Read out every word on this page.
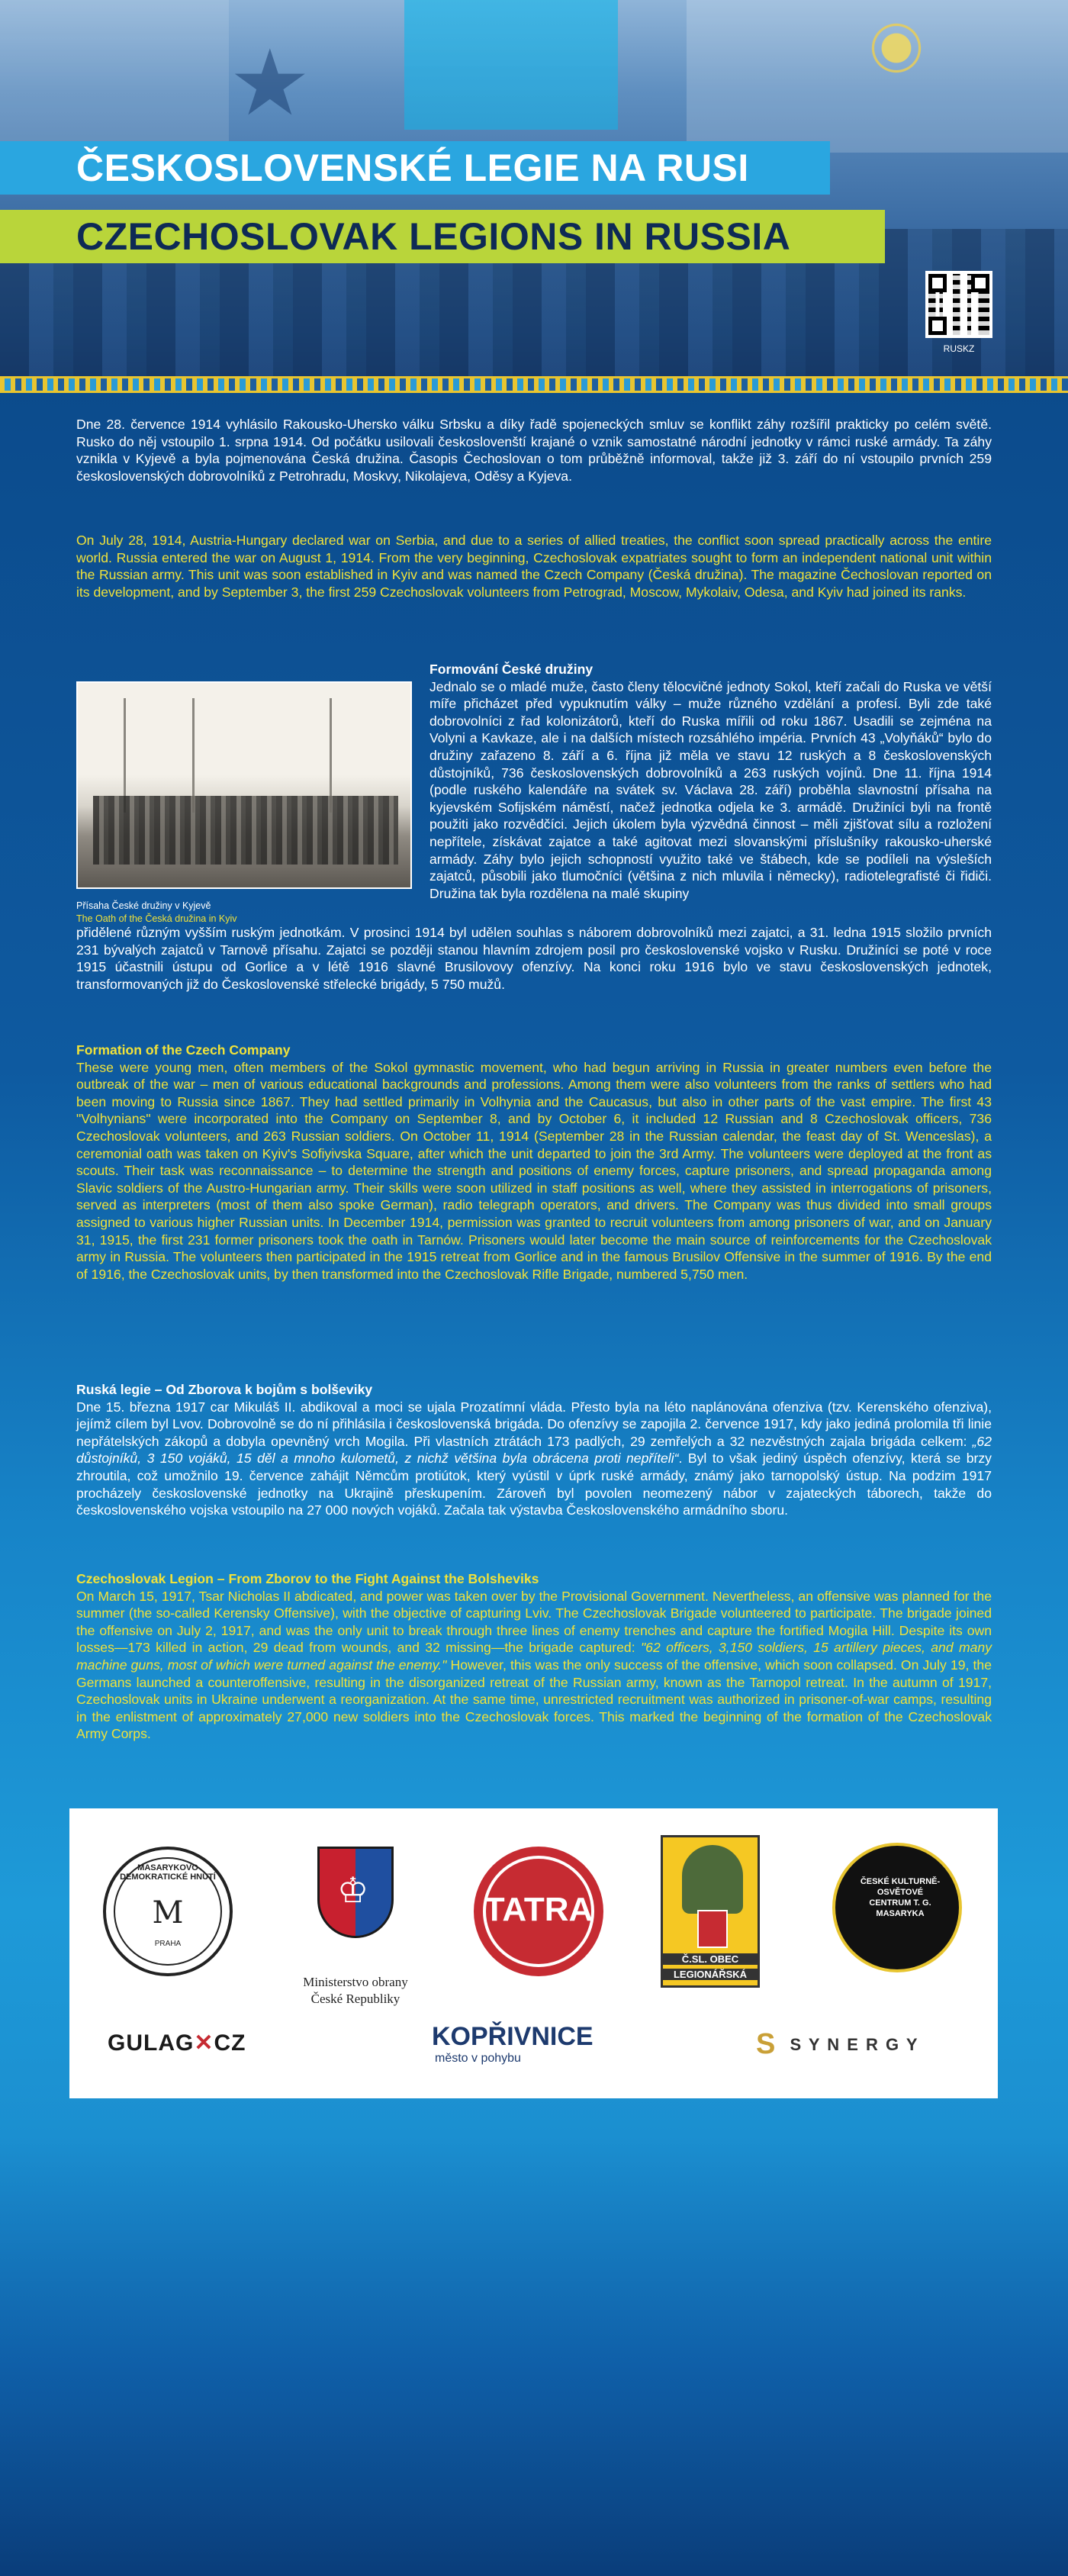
★
ČESKOSLOVENSKÉ LEGIE NA RUSI
CZECHOSLOVAK LEGIONS IN RUSSIA
RUSKZ
Dne 28. července 1914 vyhlásilo Rakousko-Uhersko válku Srbsku a díky řadě spojeneckých smluv se konflikt záhy rozšířil prakticky po celém světě. Rusko do něj vstoupilo 1. srpna 1914. Od počátku usilovali českoslovenští krajané o vznik samostatné národní jednotky v rámci ruské armády. Ta záhy vznikla v Kyjevě a byla pojmenována Česká družina. Časopis Čechoslovan o tom průběžně informoval, takže již 3. září do ní vstoupilo prvních 259 československých dobrovolníků z Petrohradu, Moskvy, Nikolajeva, Oděsy a Kyjeva.
On July 28, 1914, Austria-Hungary declared war on Serbia, and due to a series of allied treaties, the conflict soon spread practically across the entire world. Russia entered the war on August 1, 1914. From the very beginning, Czechoslovak expatriates sought to form an independent national unit within the Russian army. This unit was soon established in Kyiv and was named the Czech Company (Česká družina). The magazine Čechoslovan reported on its development, and by September 3, the first 259 Czechoslovak volunteers from Petrograd, Moscow, Mykolaiv, Odesa, and Kyiv had joined its ranks.
Přísaha České družiny v Kyjevě
The Oath of the Česká družina in Kyiv
Formování České družiny
Jednalo se o mladé muže, často členy tělocvičné jednoty Sokol, kteří začali do Ruska ve větší míře přicházet před vypuknutím války – muže různého vzdělání a profesí. Byli zde také dobrovolníci z řad kolonizátorů, kteří do Ruska mířili od roku 1867. Usadili se zejména na Volyni a Kavkaze, ale i na dalších místech rozsáhlého impéria. Prvních 43 „Volyňáků“ bylo do družiny zařazeno 8. září a 6. října již měla ve stavu 12 ruských a 8 československých důstojníků, 736 československých dobrovolníků a 263 ruských vojínů. Dne 11. října 1914 (podle ruského kalendáře na svátek sv. Václava 28. září) proběhla slavnostní přísaha na kyjevském Sofijském náměstí, načež jednotka odjela ke 3. armádě. Družiníci byli na frontě použiti jako rozvědčíci. Jejich úkolem byla výzvědná činnost – měli zjišťovat sílu a rozložení nepřítele, získávat zajatce a také agitovat mezi slovanskými příslušníky rakousko-uherské armády. Záhy bylo jejich schopností využito také ve štábech, kde se podíleli na výsleších zajatců, působili jako tlumočníci (většina z nich mluvila i německy), radiotelegrafisté či řidiči. Družina tak byla rozdělena na malé skupiny
přidělené různým vyšším ruským jednotkám. V prosinci 1914 byl udělen souhlas s náborem dobrovolníků mezi zajatci, a 31. ledna 1915 složilo prvních 231 bývalých zajatců v Tarnově přísahu. Zajatci se později stanou hlavním zdrojem posil pro československé vojsko v Rusku. Družiníci se poté v roce 1915 účastnili ústupu od Gorlice a v létě 1916 slavné Brusilovovy ofenzívy. Na konci roku 1916 bylo ve stavu československých jednotek, transformovaných již do Československé střelecké brigády, 5 750 mužů.
Formation of the Czech Company
These were young men, often members of the Sokol gymnastic movement, who had begun arriving in Russia in greater numbers even before the outbreak of the war – men of various educational backgrounds and professions. Among them were also volunteers from the ranks of settlers who had been moving to Russia since 1867. They had settled primarily in Volhynia and the Caucasus, but also in other parts of the vast empire. The first 43 "Volhynians" were incorporated into the Company on September 8, and by October 6, it included 12 Russian and 8 Czechoslovak officers, 736 Czechoslovak volunteers, and 263 Russian soldiers. On October 11, 1914 (September 28 in the Russian calendar, the feast day of St. Wenceslas), a ceremonial oath was taken on Kyiv's Sofiyivska Square, after which the unit departed to join the 3rd Army. The volunteers were deployed at the front as scouts. Their task was reconnaissance – to determine the strength and positions of enemy forces, capture prisoners, and spread propaganda among Slavic soldiers of the Austro-Hungarian army. Their skills were soon utilized in staff positions as well, where they assisted in interrogations of prisoners, served as interpreters (most of them also spoke German), radio telegraph operators, and drivers. The Company was thus divided into small groups assigned to various higher Russian units. In December 1914, permission was granted to recruit volunteers from among prisoners of war, and on January 31, 1915, the first 231 former prisoners took the oath in Tarnów. Prisoners would later become the main source of reinforcements for the Czechoslovak army in Russia. The volunteers then participated in the 1915 retreat from Gorlice and in the famous Brusilov Offensive in the summer of 1916. By the end of 1916, the Czechoslovak units, by then transformed into the Czechoslovak Rifle Brigade, numbered 5,750 men.
Ruská legie – Od Zborova k bojům s bolševiky
Dne 15. března 1917 car Mikuláš II. abdikoval a moci se ujala Prozatímní vláda. Přesto byla na léto naplánována ofenziva (tzv. Kerenského ofenziva), jejímž cílem byl Lvov. Dobrovolně se do ní přihlásila i československá brigáda. Do ofenzívy se zapojila 2. července 1917, kdy jako jediná prolomila tři linie nepřátelských zákopů a dobyla opevněný vrch Mogila. Při vlastních ztrátách 173 padlých, 29 zemřelých a 32 nezvěstných zajala brigáda celkem: „62 důstojníků, 3 150 vojáků, 15 děl a mnoho kulometů, z nichž většina byla obrácena proti nepříteli“. Byl to však jediný úspěch ofenzívy, která se brzy zhroutila, což umožnilo 19. července zahájit Němcům protiútok, který vyústil v úprk ruské armády, známý jako tarnopolský ústup. Na podzim 1917 procházely československé jednotky na Ukrajině přeskupením. Zároveň byl povolen neomezený nábor v zajateckých táborech, takže do československého vojska vstoupilo na 27 000 nových vojáků. Začala tak výstavba Československého armádního sboru.
Czechoslovak Legion – From Zborov to the Fight Against the Bolsheviks
On March 15, 1917, Tsar Nicholas II abdicated, and power was taken over by the Provisional Government. Nevertheless, an offensive was planned for the summer (the so-called Kerensky Offensive), with the objective of capturing Lviv. The Czechoslovak Brigade volunteered to participate. The brigade joined the offensive on July 2, 1917, and was the only unit to break through three lines of enemy trenches and capture the fortified Mogila Hill. Despite its own losses—173 killed in action, 29 dead from wounds, and 32 missing—the brigade captured: "62 officers, 3,150 soldiers, 15 artillery pieces, and many machine guns, most of which were turned against the enemy." However, this was the only success of the offensive, which soon collapsed. On July 19, the Germans launched a counteroffensive, resulting in the disorganized retreat of the Russian army, known as the Tarnopol retreat. In the autumn of 1917, Czechoslovak units in Ukraine underwent a reorganization. At the same time, unrestricted recruitment was authorized in prisoner-of-war camps, resulting in the enlistment of approximately 27,000 new soldiers into the Czechoslovak forces. This marked the beginning of the formation of the Czechoslovak Army Corps.
MASARYKOVO DEMOKRATICKÉ HNUTÍ
M
PRAHA
♔
Ministerstvo obrany
České Republiky
TATRA
Č.SL. OBEC
LEGIONÁŘSKÁ
ČESKÉ KULTURNĚ-OSVĚTOVÉ CENTRUM T. G. MASARYKA
GULAG✕CZ	KOPŘIVNICE
město v pohybu	S S Y N E R G Y
